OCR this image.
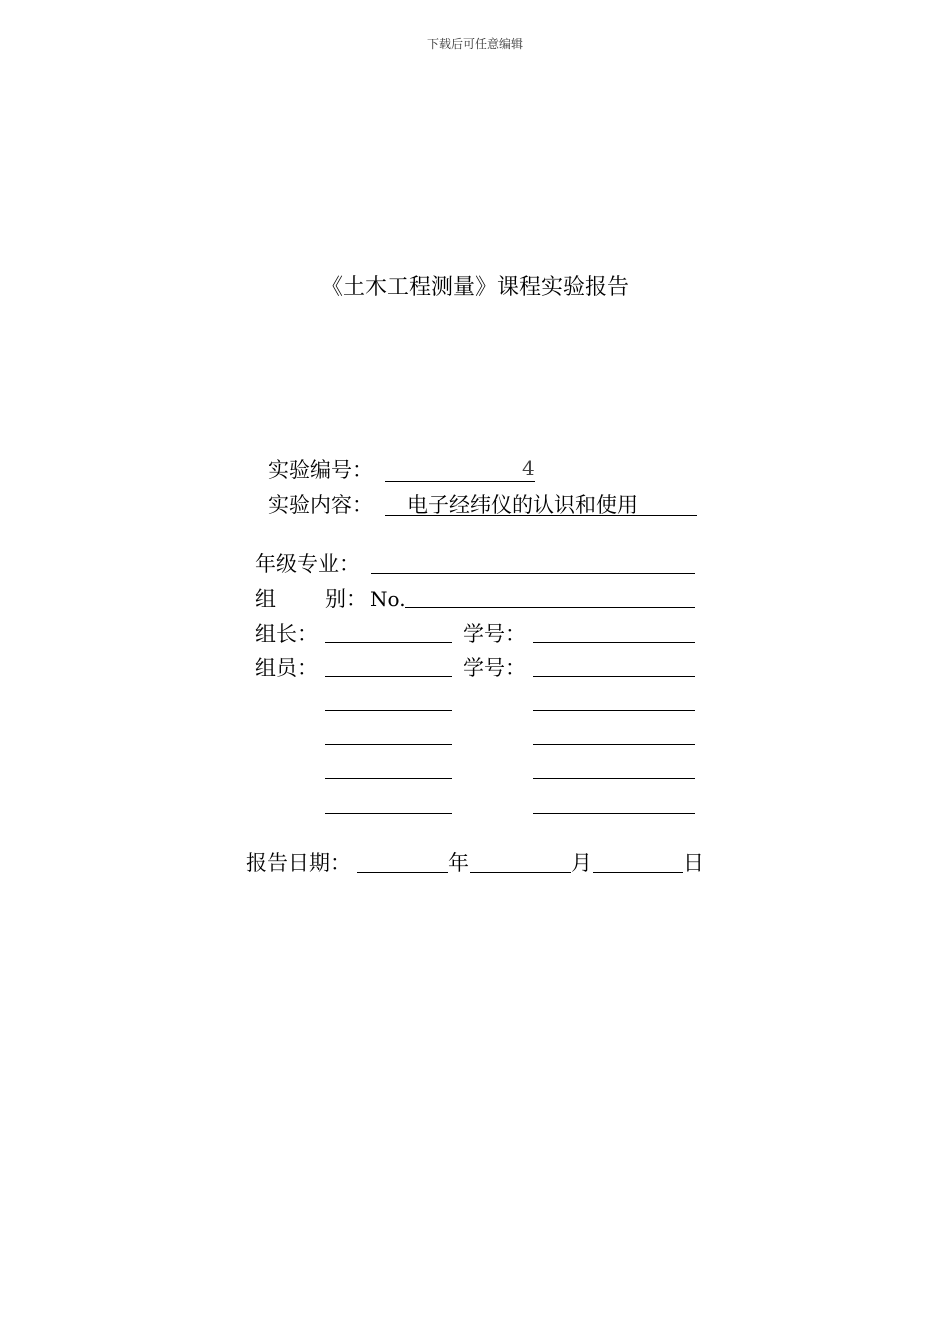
下载后可任意编辑
《土木工程测量》课程实验报告
实验编号：	4
实验内容： 电子经纬仪的认识和使用
年级专业：
组 别： No.
组长：	学号：
组员：	学号：
报告日期：	年	月	日
